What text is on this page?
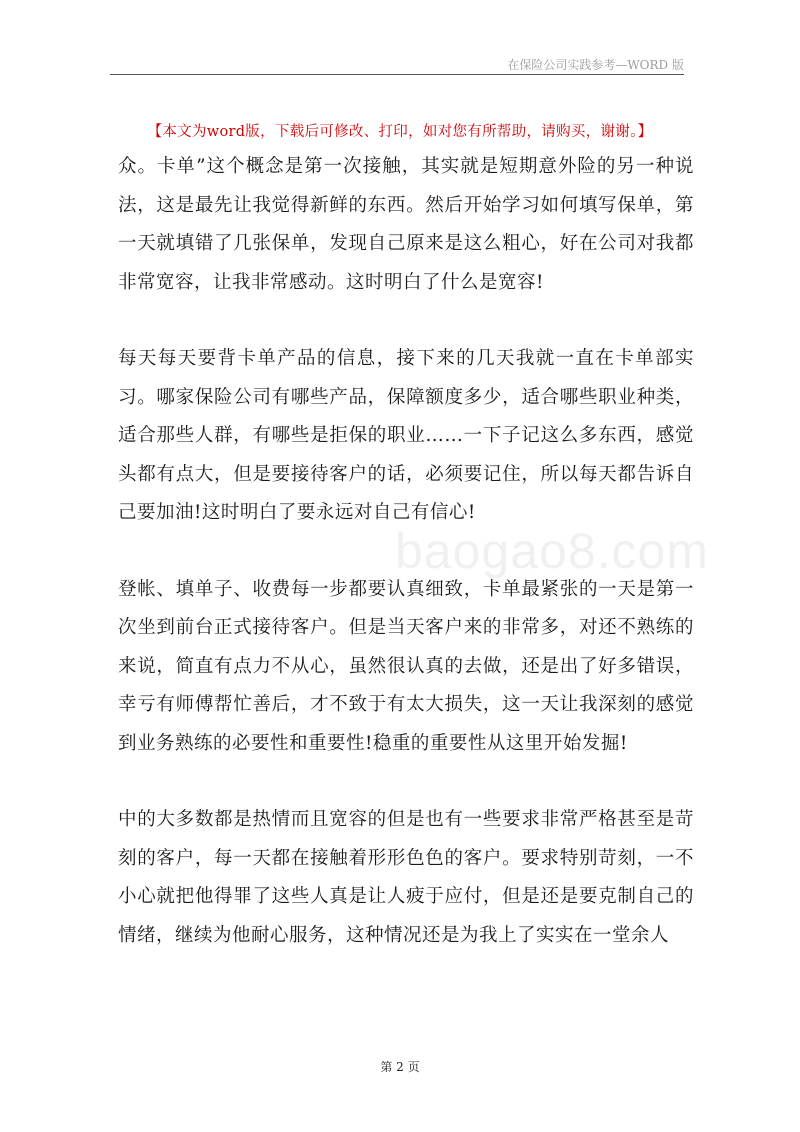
在保险公司实践参考—WORD 版
【本文为word版，下载后可修改、打印，如对您有所帮助，请购买，谢谢。】

众。卡单”这个概念是第一次接触，其实就是短期意外险的另一种说法，这是最先让我觉得新鲜的东西。然后开始学习如何填写保单，第一天就填错了几张保单，发现自己原来是这么粗心，好在公司对我都非常宽容，让我非常感动。这时明白了什么是宽容!

每天每天要背卡单产品的信息，接下来的几天我就一直在卡单部实习。哪家保险公司有哪些产品，保障额度多少，适合哪些职业种类，适合那些人群，有哪些是拒保的职业……一下子记这么多东西，感觉头都有点大，但是要接待客户的话，必须要记住，所以每天都告诉自己要加油!这时明白了要永远对自己有信心!

登帐、填单子、收费每一步都要认真细致，卡单最紧张的一天是第一次坐到前台正式接待客户。但是当天客户来的非常多，对还不熟练的来说，简直有点力不从心，虽然很认真的去做，还是出了好多错误，幸亏有师傅帮忙善后，才不致于有太大损失，这一天让我深刻的感觉到业务熟练的必要性和重要性!稳重的重要性从这里开始发掘!

中的大多数都是热情而且宽容的但是也有一些要求非常严格甚至是苛刻的客户，每一天都在接触着形形色色的客户。要求特别苛刻，一不小心就把他得罪了这些人真是让人疲于应付，但是还是要克制自己的情绪，继续为他耐心服务，这种情况还是为我上了实实在一堂余人

baogao8.com
第 2 页
